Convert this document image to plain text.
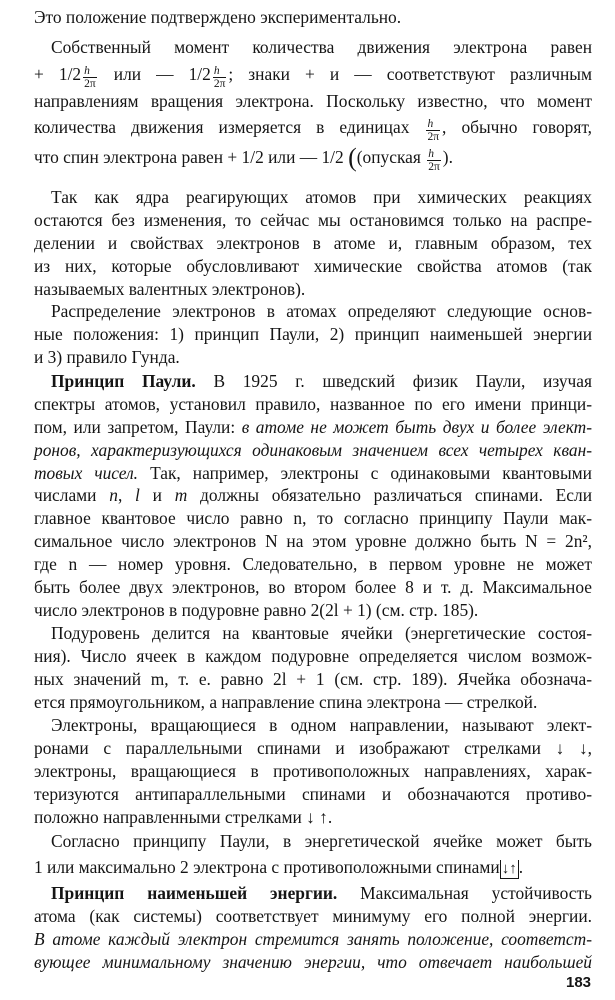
Это положение подтверждено экспериментально.
Собственный момент количества движения электрона равен
+ $1/2 \frac{h}{2\pi}$ или — $1/2 \frac{h}{2\pi}$ ; знаки + и — соответствуют различным
направлениям вращения электрона. Поскольку известно, что момент
количества движения измеряется в единицах $\frac{h}{2\pi}$ , обычно говорят,
что спин электрона равен + 1/2 или — 1/2 ((опуская $\frac{h}{2\pi}$ ).
Так как ядра реагирующих атомов при химических реакциях
остаются без изменения, то сейчас мы остановимся только на распре-
делении и свойствах электронов в атоме и, главным образом, тех
из них, которые обусловливают химические свойства атомов (так
называемых валентных электронов).
Распределение электронов в атомах определяют следующие основ-
ные положения: 1) принцип Паули, 2) принцип наименьшей энергии
и 3) правило Гунда.
Принцип Паули. В 1925 г. шведский физик Паули, изучая
спектры атомов, установил правило, названное по его имени принци-
пом, или запретом, Паули: в атоме не может быть двух и более элект-
ронов, характеризующихся одинаковым значением всех четырех кван-
товых чисел. Так, например, электроны с одинаковыми квантовыми
числами n, l и m должны обязательно различаться спинами. Если
главное квантовое число равно n, то согласно принципу Паули мак-
симальное число электронов N на этом уровне должно быть N = 2n²,
где n — номер уровня. Следовательно, в первом уровне не может
быть более двух электронов, во втором более 8 и т. д. Максимальное
число электронов в подуровне равно 2(2l + 1) (см. стр. 185).
Подуровень делится на квантовые ячейки (энергетические состоя-
ния). Число ячеек в каждом подуровне определяется числом возмож-
ных значений m, т. е. равно 2l + 1 (см. стр. 189). Ячейка обознача-
ется прямоугольником, а направление спина электрона — стрелкой.
Электроны, вращающиеся в одном направлении, называют элект-
ронами с параллельными спинами и изображают стрелками ↓ ↓,
электроны, вращающиеся в противоположных направлениях, харак-
теризуются антипараллельными спинами и обозначаются противо-
положно направленными стрелками ↓ ↑.
Согласно принципу Паули, в энергетической ячейке может быть
1 или максимально 2 электрона с противоположными спинами ↓↑ .
Принцип наименьшей энергии. Максимальная устойчивость
атома (как системы) соответствует минимуму его полной энергии.
В атоме каждый электрон стремится занять положение, соответст-
вующее минимальному значению энергии, что отвечает наибольшей
183
